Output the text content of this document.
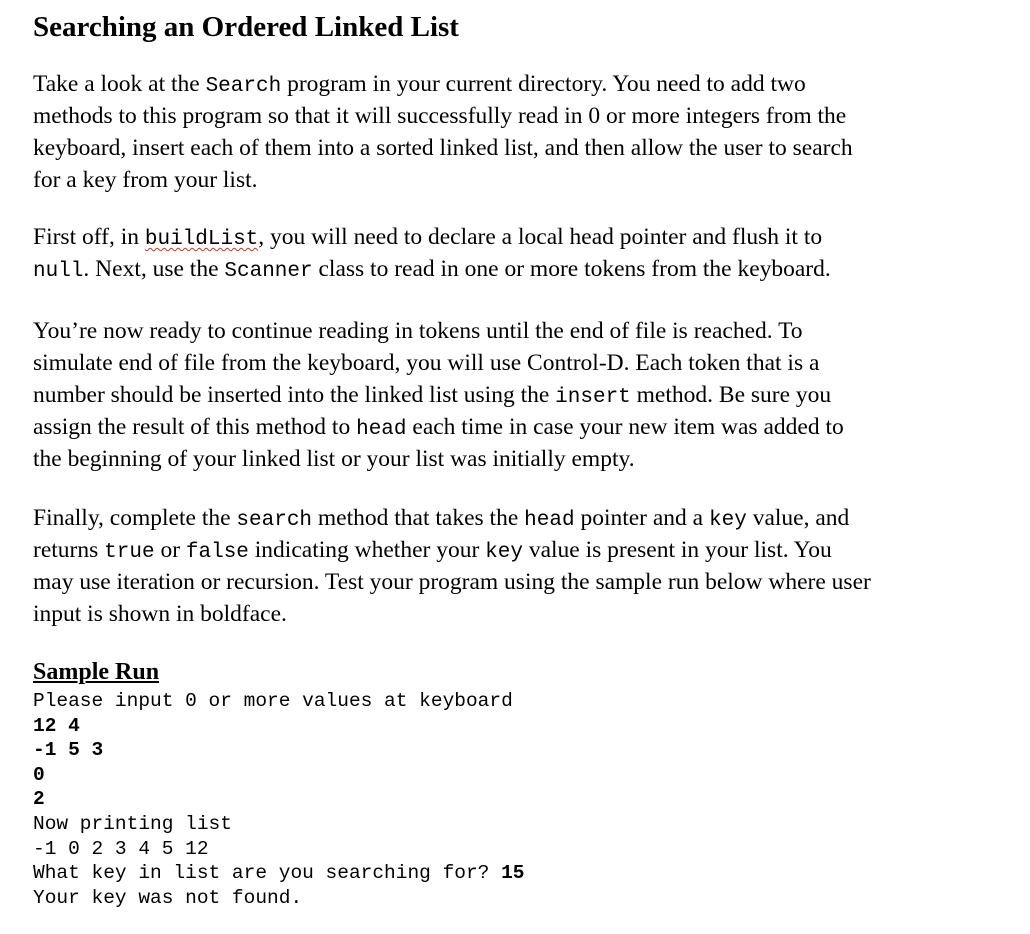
Searching an Ordered Linked List

Take a look at the Search program in your current directory. You need to add two
methods to this program so that it will successfully read in 0 or more integers from the
keyboard, insert each of them into a sorted linked list, and then allow the user to search
for a key from your list.

First off, in buildList, you will need to declare a local head pointer and flush it to
null. Next, use the Scanner class to read in one or more tokens from the keyboard.

You’re now ready to continue reading in tokens until the end of file is reached. To
simulate end of file from the keyboard, you will use Control-D. Each token that is a
number should be inserted into the linked list using the insert method. Be sure you
assign the result of this method to head each time in case your new item was added to
the beginning of your linked list or your list was initially empty.

Finally, complete the search method that takes the head pointer and a key value, and
returns true or false indicating whether your key value is present in your list. You
may use iteration or recursion. Test your program using the sample run below where user
input is shown in boldface.

Sample Run
Please input 0 or more values at keyboard
12 4
-1 5 3
0
2
Now printing list
-1 0 2 3 4 5 12
What key in list are you searching for? 15
Your key was not found.
